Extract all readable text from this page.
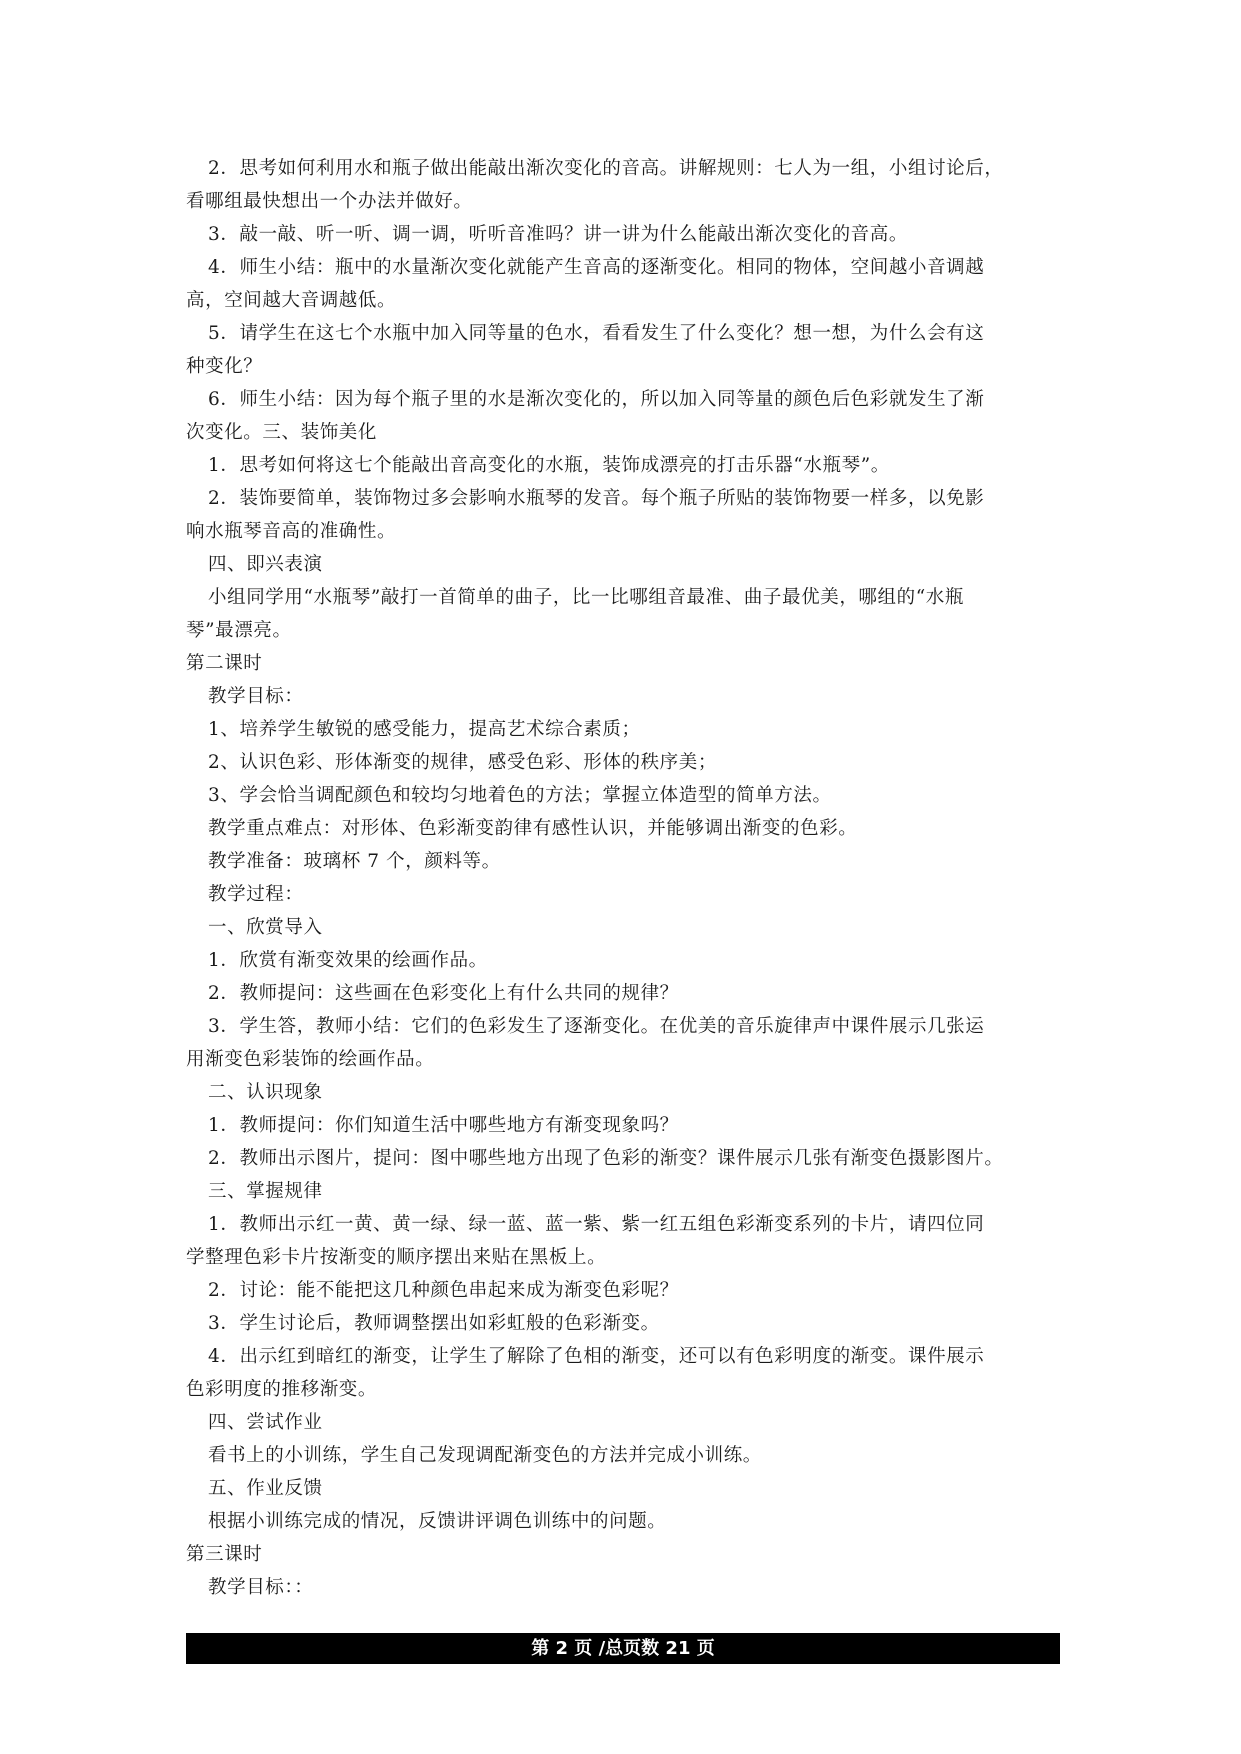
2．思考如何利用水和瓶子做出能敲出渐次变化的音高。讲解规则：七人为一组，小组讨论后，
看哪组最快想出一个办法并做好。
3．敲一敲、听一听、调一调，听听音准吗？讲一讲为什么能敲出渐次变化的音高。
4．师生小结：瓶中的水量渐次变化就能产生音高的逐渐变化。相同的物体，空间越小音调越
高，空间越大音调越低。
5．请学生在这七个水瓶中加入同等量的色水，看看发生了什么变化？想一想，为什么会有这
种变化？
6．师生小结：因为每个瓶子里的水是渐次变化的，所以加入同等量的颜色后色彩就发生了渐
次变化。三、装饰美化
1．思考如何将这七个能敲出音高变化的水瓶，装饰成漂亮的打击乐器“水瓶琴”。
2．装饰要简单，装饰物过多会影响水瓶琴的发音。每个瓶子所贴的装饰物要一样多，以免影
响水瓶琴音高的准确性。
四、即兴表演
小组同学用“水瓶琴”敲打一首简单的曲子，比一比哪组音最准、曲子最优美，哪组的“水瓶
琴”最漂亮。
第二课时
教学目标：
1、培养学生敏锐的感受能力，提高艺术综合素质；
2、认识色彩、形体渐变的规律，感受色彩、形体的秩序美；
3、学会恰当调配颜色和较均匀地着色的方法；掌握立体造型的简单方法。
教学重点难点：对形体、色彩渐变韵律有感性认识，并能够调出渐变的色彩。
教学准备：玻璃杯 7 个，颜料等。
教学过程：
一、欣赏导入
1．欣赏有渐变效果的绘画作品。
2．教师提问：这些画在色彩变化上有什么共同的规律？
3．学生答，教师小结：它们的色彩发生了逐渐变化。在优美的音乐旋律声中课件展示几张运
用渐变色彩装饰的绘画作品。
二、认识现象
1．教师提问：你们知道生活中哪些地方有渐变现象吗？
2．教师出示图片，提问：图中哪些地方出现了色彩的渐变？课件展示几张有渐变色摄影图片。
三、掌握规律
1．教师出示红一黄、黄一绿、绿一蓝、蓝一紫、紫一红五组色彩渐变系列的卡片，请四位同
学整理色彩卡片按渐变的顺序摆出来贴在黑板上。
2．讨论：能不能把这几种颜色串起来成为渐变色彩呢？
3．学生讨论后，教师调整摆出如彩虹般的色彩渐变。
4．出示红到暗红的渐变，让学生了解除了色相的渐变，还可以有色彩明度的渐变。课件展示
色彩明度的推移渐变。
四、尝试作业
看书上的小训练，学生自己发现调配渐变色的方法并完成小训练。
五、作业反馈
根据小训练完成的情况，反馈讲评调色训练中的问题。
第三课时
教学目标：：
第 2 页 /总页数 21 页
